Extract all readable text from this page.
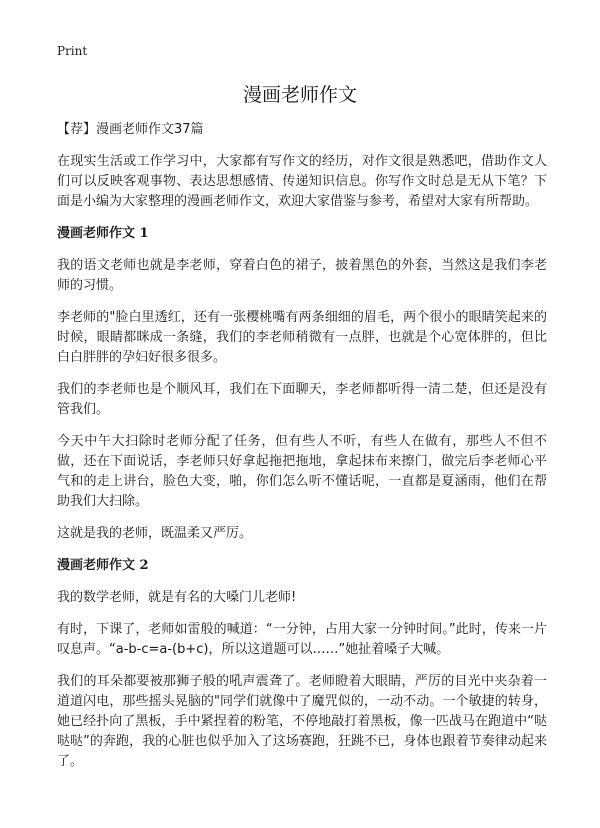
Print
漫画老师作文

【荐】漫画老师作文37篇

在现实生活或工作学习中，大家都有写作文的经历，对作文很是熟悉吧，借助作文人们可以反映客观事物、表达思想感情、传递知识信息。你写作文时总是无从下笔？下面是小编为大家整理的漫画老师作文，欢迎大家借鉴与参考，希望对大家有所帮助。

漫画老师作文 1

我的语文老师也就是李老师，穿着白色的裙子，披着黑色的外套，当然这是我们李老师的习惯。

李老师的"脸白里透红，还有一张樱桃嘴有两条细细的眉毛，两个很小的眼睛笑起来的时候，眼睛都眯成一条缝，我们的李老师稍微有一点胖，也就是个心宽体胖的，但比白白胖胖的孕妇好很多很多。

我们的李老师也是个顺风耳，我们在下面聊天，李老师都听得一清二楚，但还是没有管我们。

今天中午大扫除时老师分配了任务，但有些人不听，有些人在做有，那些人不但不做，还在下面说话，李老师只好拿起拖把拖地，拿起抹布来擦门，做完后李老师心平气和的走上讲台，脸色大变，啪，你们怎么听不懂话呢，一直都是夏涵雨，他们在帮助我们大扫除。

这就是我的老师，既温柔又严厉。

漫画老师作文 2

我的数学老师，就是有名的大嗓门儿老师!

有时，下课了，老师如雷般的喊道：“一分钟，占用大家一分钟时间。”此时，传来一片叹息声。“a-b-c=a-(b+c)，所以这道题可以……”她扯着嗓子大喊。

我们的耳朵都要被那狮子般的吼声震聋了。老师瞪着大眼睛，严厉的目光中夹杂着一道道闪电，那些摇头晃脑的"同学们就像中了魔咒似的，一动不动。一个敏捷的转身，她已经扑向了黑板，手中紧捏着的粉笔，不停地敲打着黑板，像一匹战马在跑道中“哒哒哒”的奔跑，我的心脏也似乎加入了这场赛跑，狂跳不已，身体也跟着节奏律动起来了。
